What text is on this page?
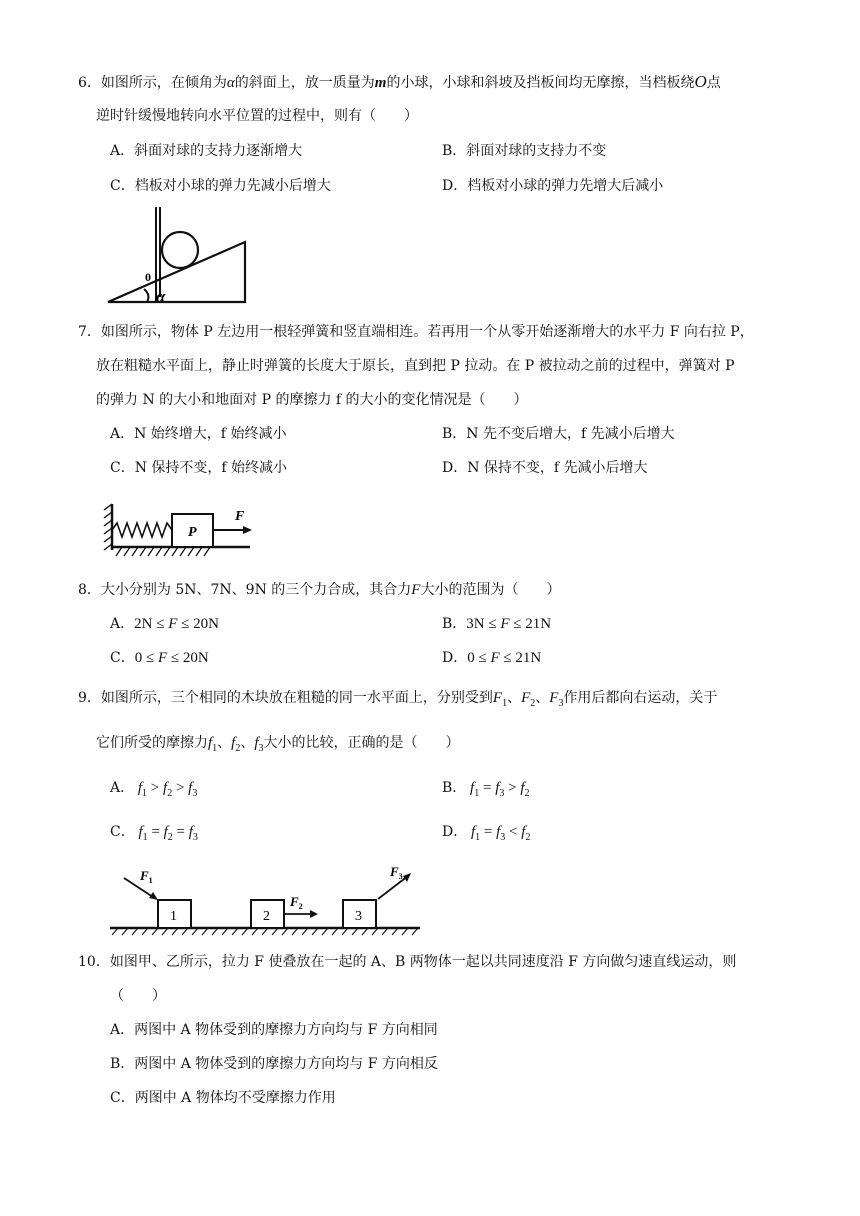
6．如图所示，在倾角为α的斜面上，放一质量为m的小球，小球和斜坡及挡板间均无摩擦，当档板绕O点
逆时针缓慢地转向水平位置的过程中，则有（　　）
A．斜面对球的支持力逐渐增大	B．斜面对球的支持力不变
C．档板对小球的弹力先减小后增大	D．档板对小球的弹力先增大后减小
0
α
7．如图所示，物体 P 左边用一根轻弹簧和竖直端相连。若再用一个从零开始逐渐增大的水平力 F 向右拉 P，
放在粗糙水平面上，静止时弹簧的长度大于原长，直到把 P 拉动。在 P 被拉动之前的过程中，弹簧对 P
的弹力 N 的大小和地面对 P 的摩擦力 f 的大小的变化情况是（　　）
A．N 始终增大，f 始终减小	B．N 先不变后增大，f 先减小后增大
C．N 保持不变，f 始终减小	D．N 保持不变，f 先减小后增大
P
F
8．大小分别为 5N、7N、9N 的三个力合成，其合力F大小的范围为（　　）
A．2N ≤ F ≤ 20N	B．3N ≤ F ≤ 21N
C．0 ≤ F ≤ 20N	D．0 ≤ F ≤ 21N
9．如图所示，三个相同的木块放在粗糙的同一水平面上，分别受到$F_1$、$F_2$、$F_3$作用后都向右运动，关于
它们所受的摩擦力$f_1$、$f_2$、$f_3$大小的比较，正确的是（　　）
A． $f_1 > f_2 > f_3$	B． $f_1 = f_3 > f_2$
C． $f_1 = f_2 = f_3$	D． $f_1 = f_3 < f_2$
1
$F_1$
2
$F_2$
3
$F_3$
10．如图甲、乙所示，拉力 F 使叠放在一起的 A、B 两物体一起以共同速度沿 F 方向做匀速直线运动，则
（　　）
A．两图中 A 物体受到的摩擦力方向均与 F 方向相同
B．两图中 A 物体受到的摩擦力方向均与 F 方向相反
C．两图中 A 物体均不受摩擦力作用
